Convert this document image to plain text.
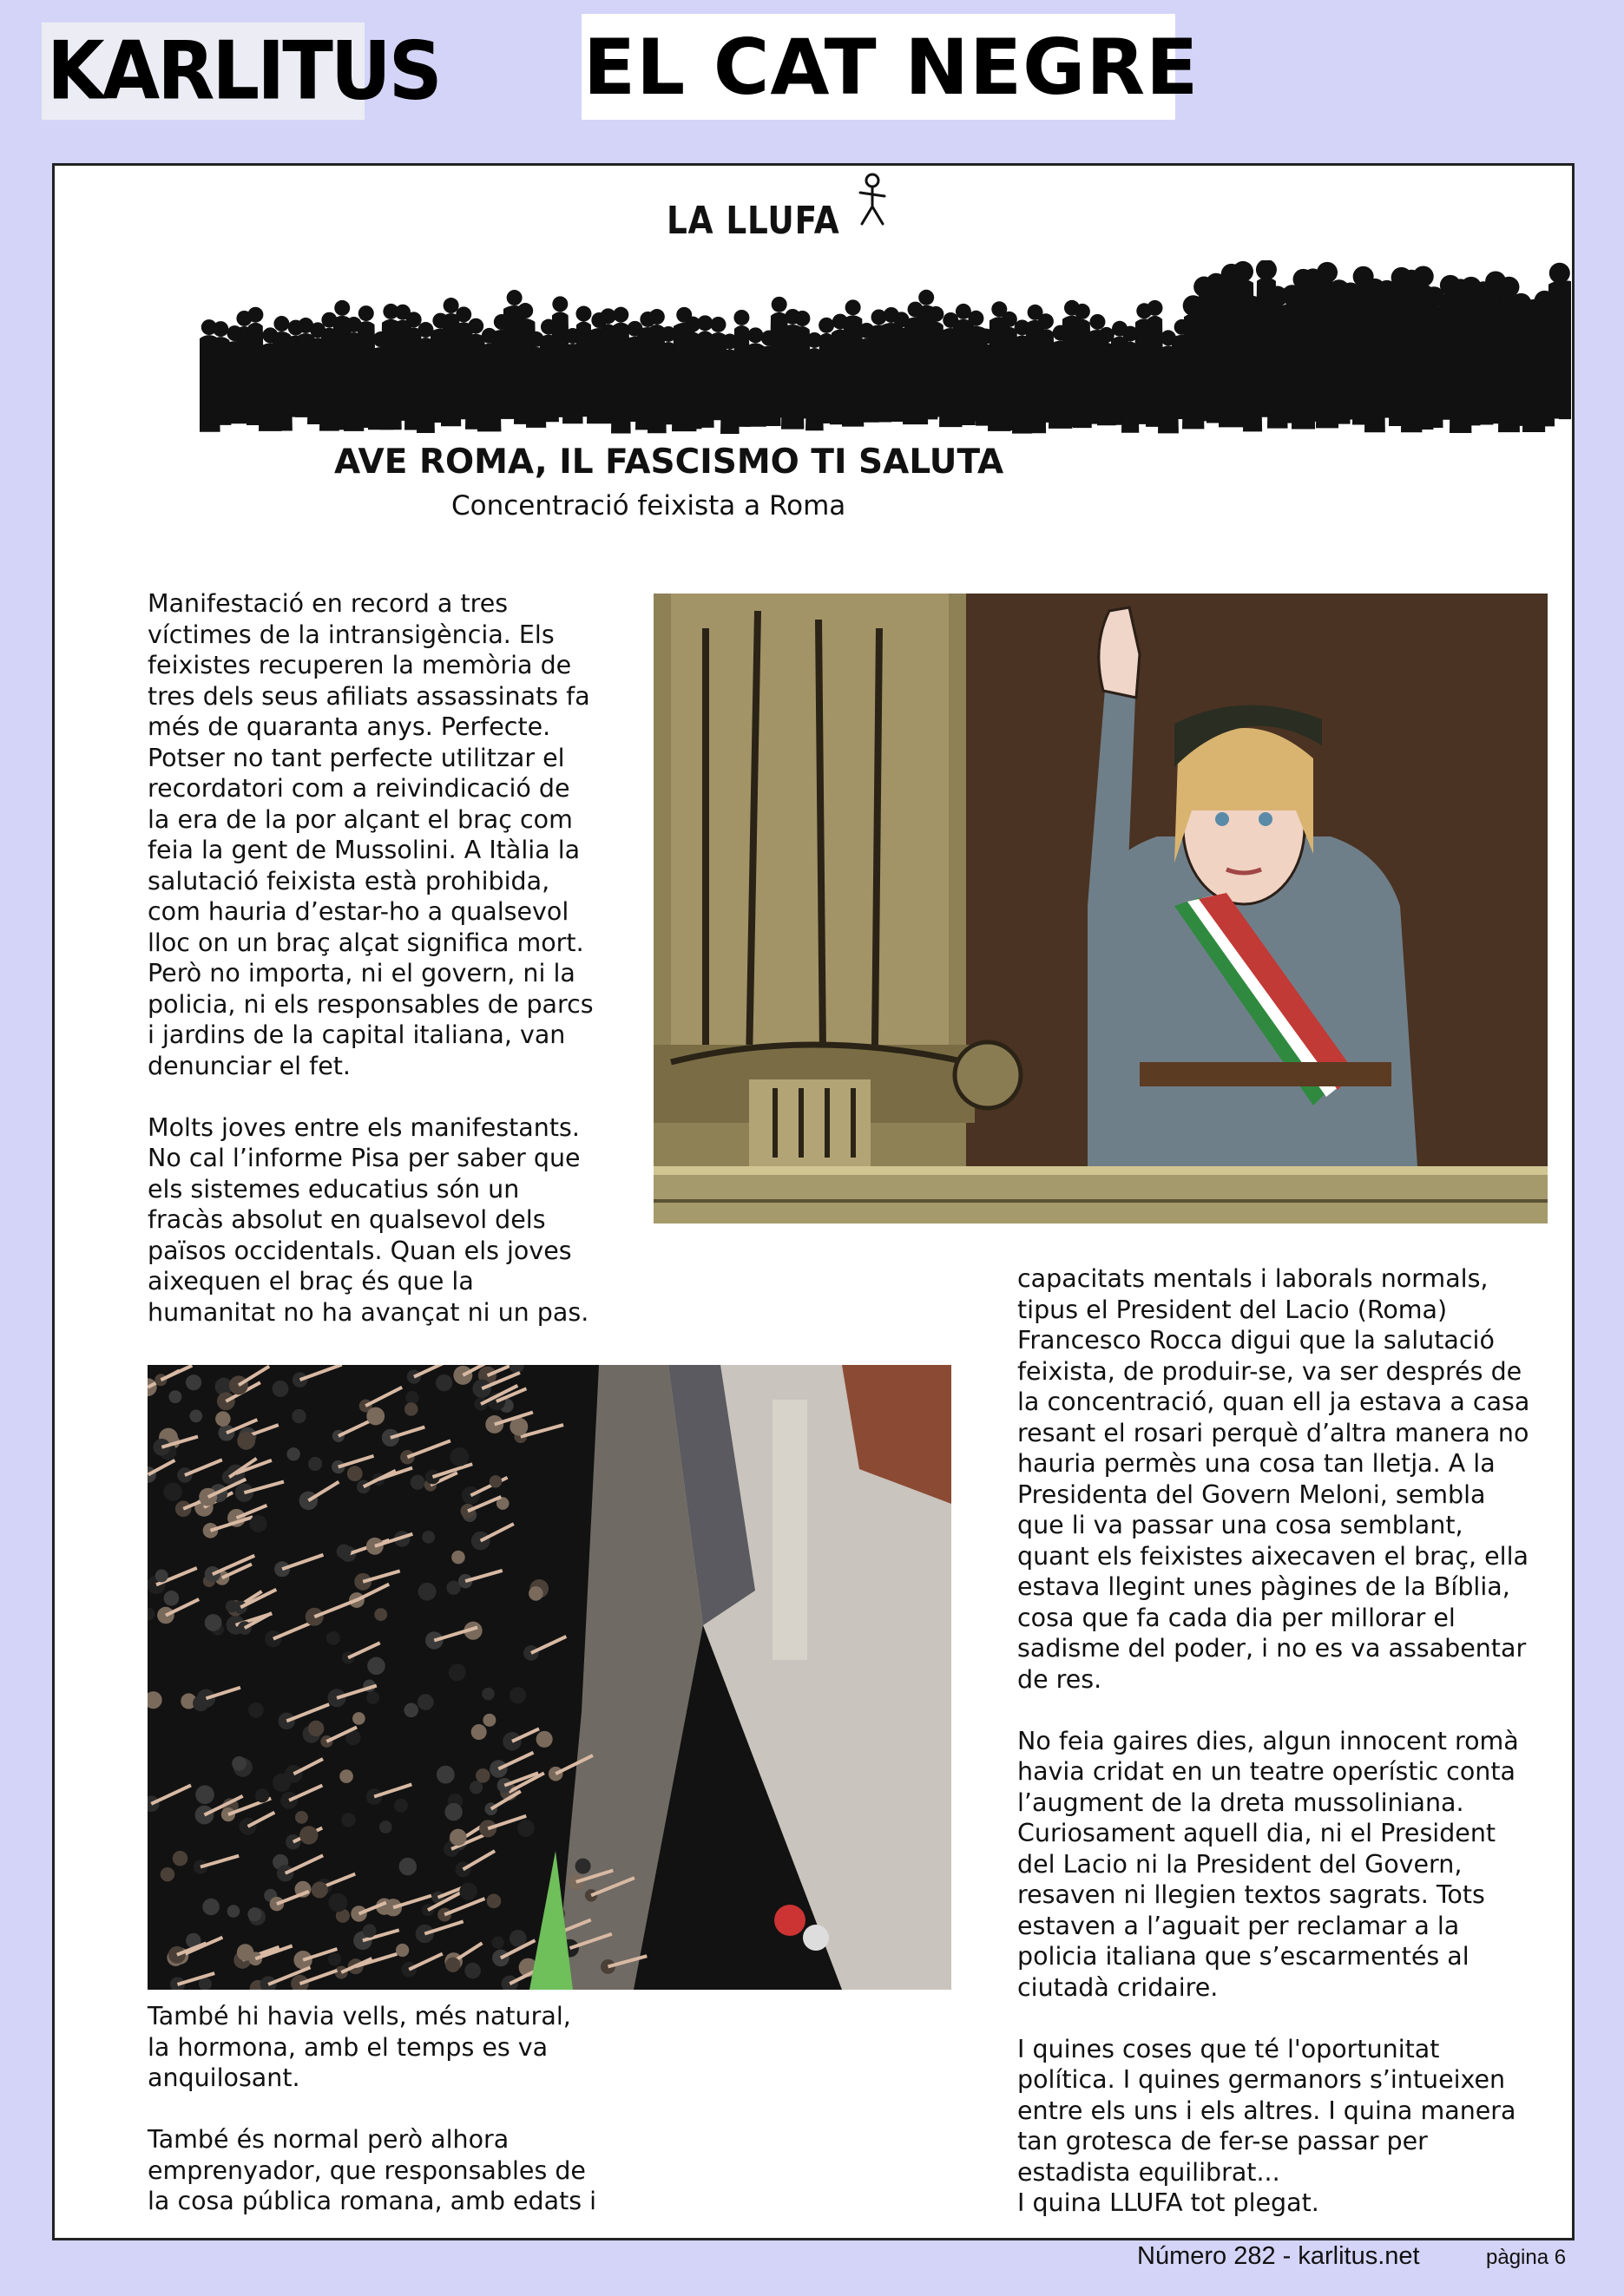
KARLITUS EL CAT NEGRE
LA LLUFA
AVE ROMA, IL FASCISMO TI SALUTA
Concentració feixista a Roma

Manifestació en record a tres
víctimes de la intransigència. Els
feixistes recuperen la memòria de
tres dels seus afiliats assassinats fa
més de quaranta anys. Perfecte.
Potser no tant perfecte utilitzar el
recordatori com a reivindicació de
la era de la por alçant el braç com
feia la gent de Mussolini. A Itàlia la
salutació feixista està prohibida,
com hauria d’estar-ho a qualsevol
lloc on un braç alçat significa mort.
Però no importa, ni el govern, ni la
policia, ni els responsables de parcs
i jardins de la capital italiana, van
denunciar el fet.

Molts joves entre els manifestants.
No cal l’informe Pisa per saber que
els sistemes educatius són un
fracàs absolut en qualsevol dels
països occidentals. Quan els joves
aixequen el braç és que la
humanitat no ha avançat ni un pas.

capacitats mentals i laborals normals,
tipus el President del Lacio (Roma)
Francesco Rocca digui que la salutació
feixista, de produir-se, va ser després de
la concentració, quan ell ja estava a casa
resant el rosari perquè d’altra manera no
hauria permès una cosa tan lletja. A la
Presidenta del Govern Meloni, sembla
que li va passar una cosa semblant,
quant els feixistes aixecaven el braç, ella
estava llegint unes pàgines de la Bíblia,
cosa que fa cada dia per millorar el
sadisme del poder, i no es va assabentar
de res.

No feia gaires dies, algun innocent romà
havia cridat en un teatre operístic conta
l’augment de la dreta mussoliniana.
Curiosament aquell dia, ni el President
del Lacio ni la President del Govern,
resaven ni llegien textos sagrats. Tots
estaven a l’aguait per reclamar a la
policia italiana que s’escarmentés al
ciutadà cridaire.

I quines coses que té l'oportunitat
política. I quines germanors s’intueixen
entre els uns i els altres. I quina manera
tan grotesca de fer-se passar per
estadista equilibrat...
I quina LLUFA tot plegat.

També hi havia vells, més natural,
la hormona, amb el temps es va
anquilosant.

També és normal però alhora
emprenyador, que responsables de
la cosa pública romana, amb edats i

Número 282 - karlitus.net	pàgina 6
